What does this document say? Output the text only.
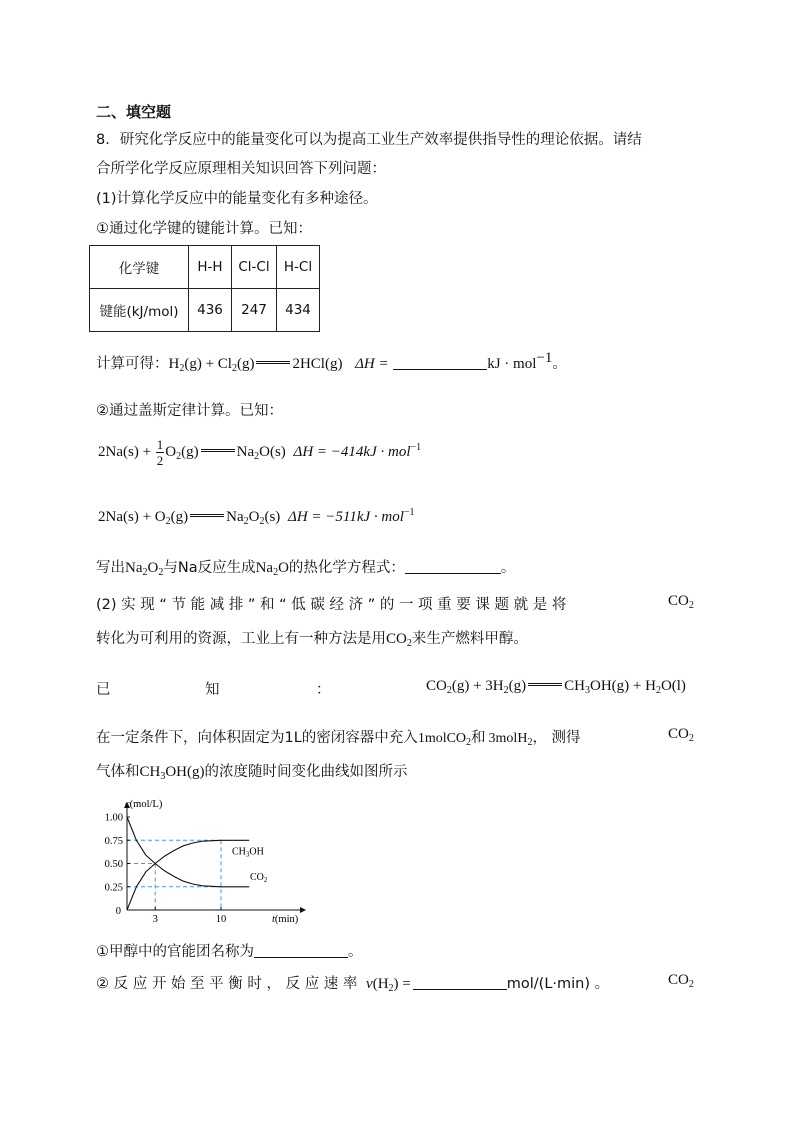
二、填空题
8．研究化学反应中的能量变化可以为提高工业生产效率提供指导性的理论依据。请结
合所学化学反应原理相关知识回答下列问题：
(1)计算化学反应中的能量变化有多种途径。
①通过化学键的键能计算。已知：
化学键	H-H	Cl-Cl	H-Cl
键能(kJ/mol)	436	247	434
计算可得：$H_2(g) + Cl_2(g)$	2HCl(g) ΔH =	kJ · mol$^{-1}$。
②通过盖斯定律计算。已知：
$2Na(s) + \frac{1}{2} O_2(g)$	$Na_2O(s) \Delta H = -414kJ \cdot mol^{-1}$
$2Na(s) + O_2(g)$	$Na_2O_2(s) \Delta H = -511kJ \cdot mol^{-1}$
写出$Na_2O_2$与Na反应生成$Na_2O$的热化学方程式：	。
(2) 实 现 “ 节 能 减 排 ” 和 “ 低 碳 经 济 ” 的 一 项 重 要 课 题 就 是 将	$CO_2$
转化为可利用的资源，工业上有一种方法是用$CO_2$来生产燃料甲醇。
已	知	：	$CO_2(g) + 3H_2(g)$	$CH_3OH(g) + H_2O(l)$
在一定条件下，向体积固定为1L的密闭容器中充入1molCO$_2$和 3molH$_2$， 测得	$CO_2$
气体和$CH_3OH(g)$的浓度随时间变化曲线如图所示
1.00
0.75
0.50
0.25
0
3	10
c(mol/L)
t(min)
$CH_3OH$
$CO_2$
①甲醇中的官能团名称为	。
② 反 应 开 始 至 平 衡 时 ， 反 应 速 率 $v(H_2)$ =	mol/(L·min) 。	$CO_2$
